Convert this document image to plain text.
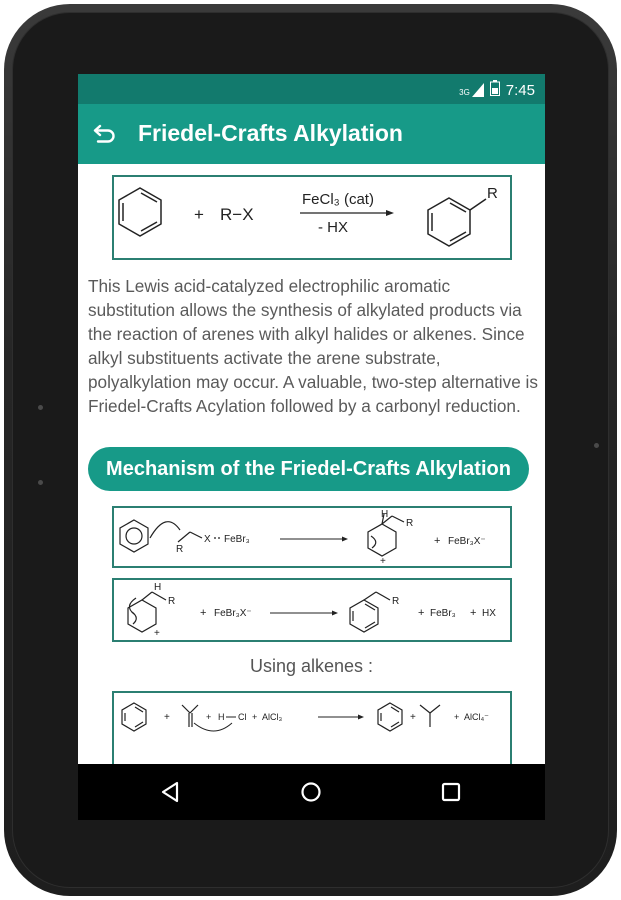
3G 7:45
Friedel-Crafts Alkylation
+ R−X
FeCl₃ (cat)
- HX
R
This Lewis acid-catalyzed electrophilic aromatic substitution allows the synthesis of alkylated products via the reaction of arenes with alkyl halides or alkenes. Since alkyl substituents activate the arene substrate, polyalkylation may occur. A valuable, two-step alternative is Friedel-Crafts Acylation followed by a carbonyl reduction.
Mechanism of the Friedel-Crafts Alkylation
R
X FeBr₃
H
R
+
+ FeBr₃X⁻
H
R
+
+ FeBr₃X⁻
R
+ FeBr₃ + HX
Using alkenes :
+	+ H Cl + AlCl₃	+	+ AlCl₄⁻
